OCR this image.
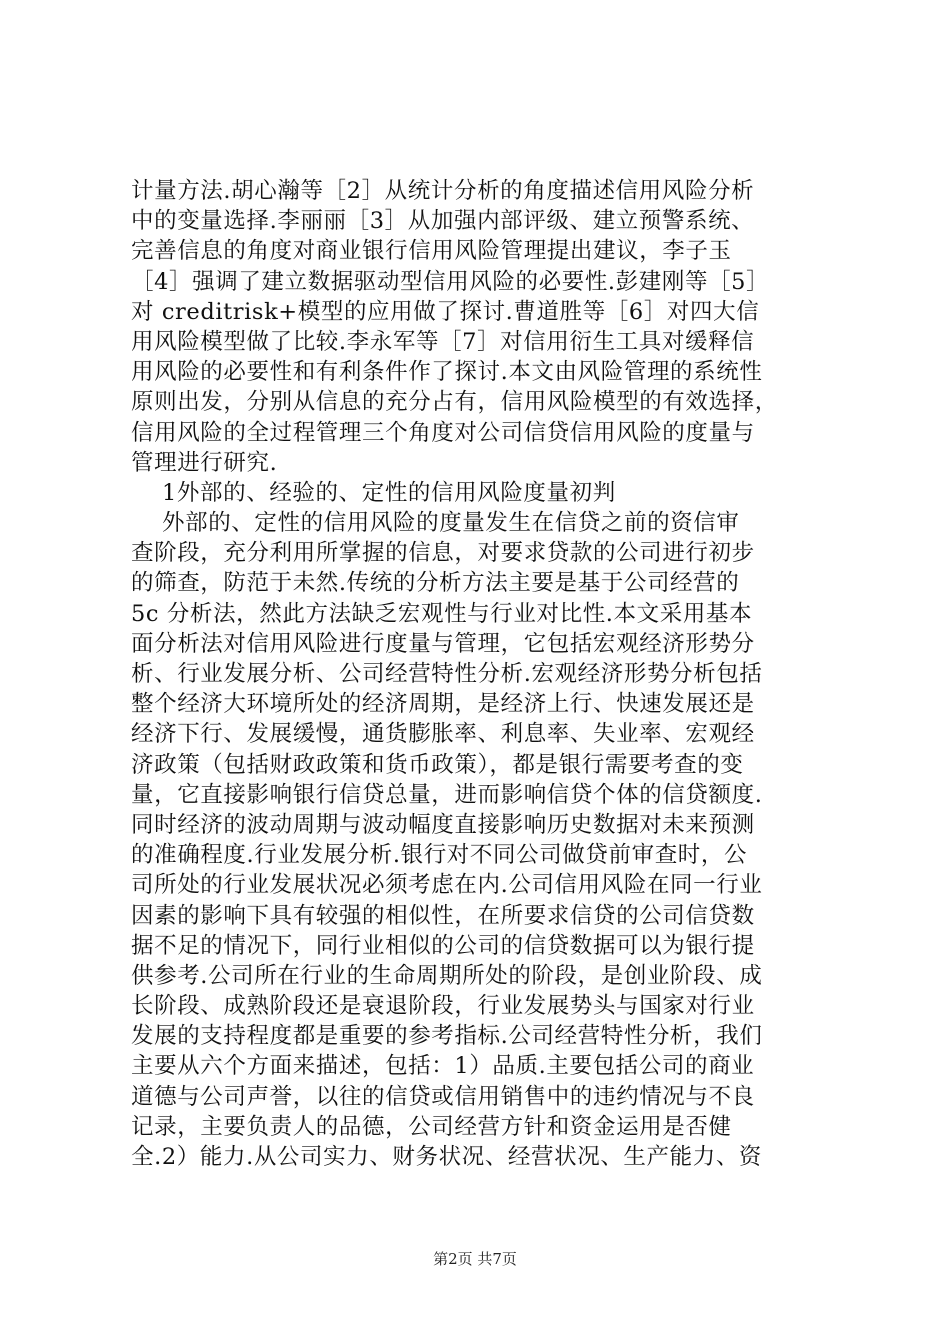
计量方法.胡心瀚等［2］从统计分析的角度描述信用风险分析
中的变量选择.李丽丽［3］从加强内部评级、建立预警系统、
完善信息的角度对商业银行信用风险管理提出建议，李子玉
［4］强调了建立数据驱动型信用风险的必要性.彭建刚等［5］
对 creditrisk+模型的应用做了探讨.曹道胜等［6］对四大信
用风险模型做了比较.李永军等［7］对信用衍生工具对缓释信
用风险的必要性和有利条件作了探讨.本文由风险管理的系统性
原则出发，分别从信息的充分占有，信用风险模型的有效选择，
信用风险的全过程管理三个角度对公司信贷信用风险的度量与
管理进行研究.
1外部的、经验的、定性的信用风险度量初判
外部的、定性的信用风险的度量发生在信贷之前的资信审
查阶段，充分利用所掌握的信息，对要求贷款的公司进行初步
的筛查，防范于未然.传统的分析方法主要是基于公司经营的
5c 分析法，然此方法缺乏宏观性与行业对比性.本文采用基本
面分析法对信用风险进行度量与管理，它包括宏观经济形势分
析、行业发展分析、公司经营特性分析.宏观经济形势分析包括
整个经济大环境所处的经济周期，是经济上行、快速发展还是
经济下行、发展缓慢，通货膨胀率、利息率、失业率、宏观经
济政策（包括财政政策和货币政策），都是银行需要考查的变
量，它直接影响银行信贷总量，进而影响信贷个体的信贷额度.
同时经济的波动周期与波动幅度直接影响历史数据对未来预测
的准确程度.行业发展分析.银行对不同公司做贷前审查时，公
司所处的行业发展状况必须考虑在内.公司信用风险在同一行业
因素的影响下具有较强的相似性，在所要求信贷的公司信贷数
据不足的情况下，同行业相似的公司的信贷数据可以为银行提
供参考.公司所在行业的生命周期所处的阶段，是创业阶段、成
长阶段、成熟阶段还是衰退阶段，行业发展势头与国家对行业
发展的支持程度都是重要的参考指标.公司经营特性分析，我们
主要从六个方面来描述，包括：1）品质.主要包括公司的商业
道德与公司声誉，以往的信贷或信用销售中的违约情况与不良
记录，主要负责人的品德，公司经营方针和资金运用是否健
全.2）能力.从公司实力、财务状况、经营状况、生产能力、资
第2页 共7页
